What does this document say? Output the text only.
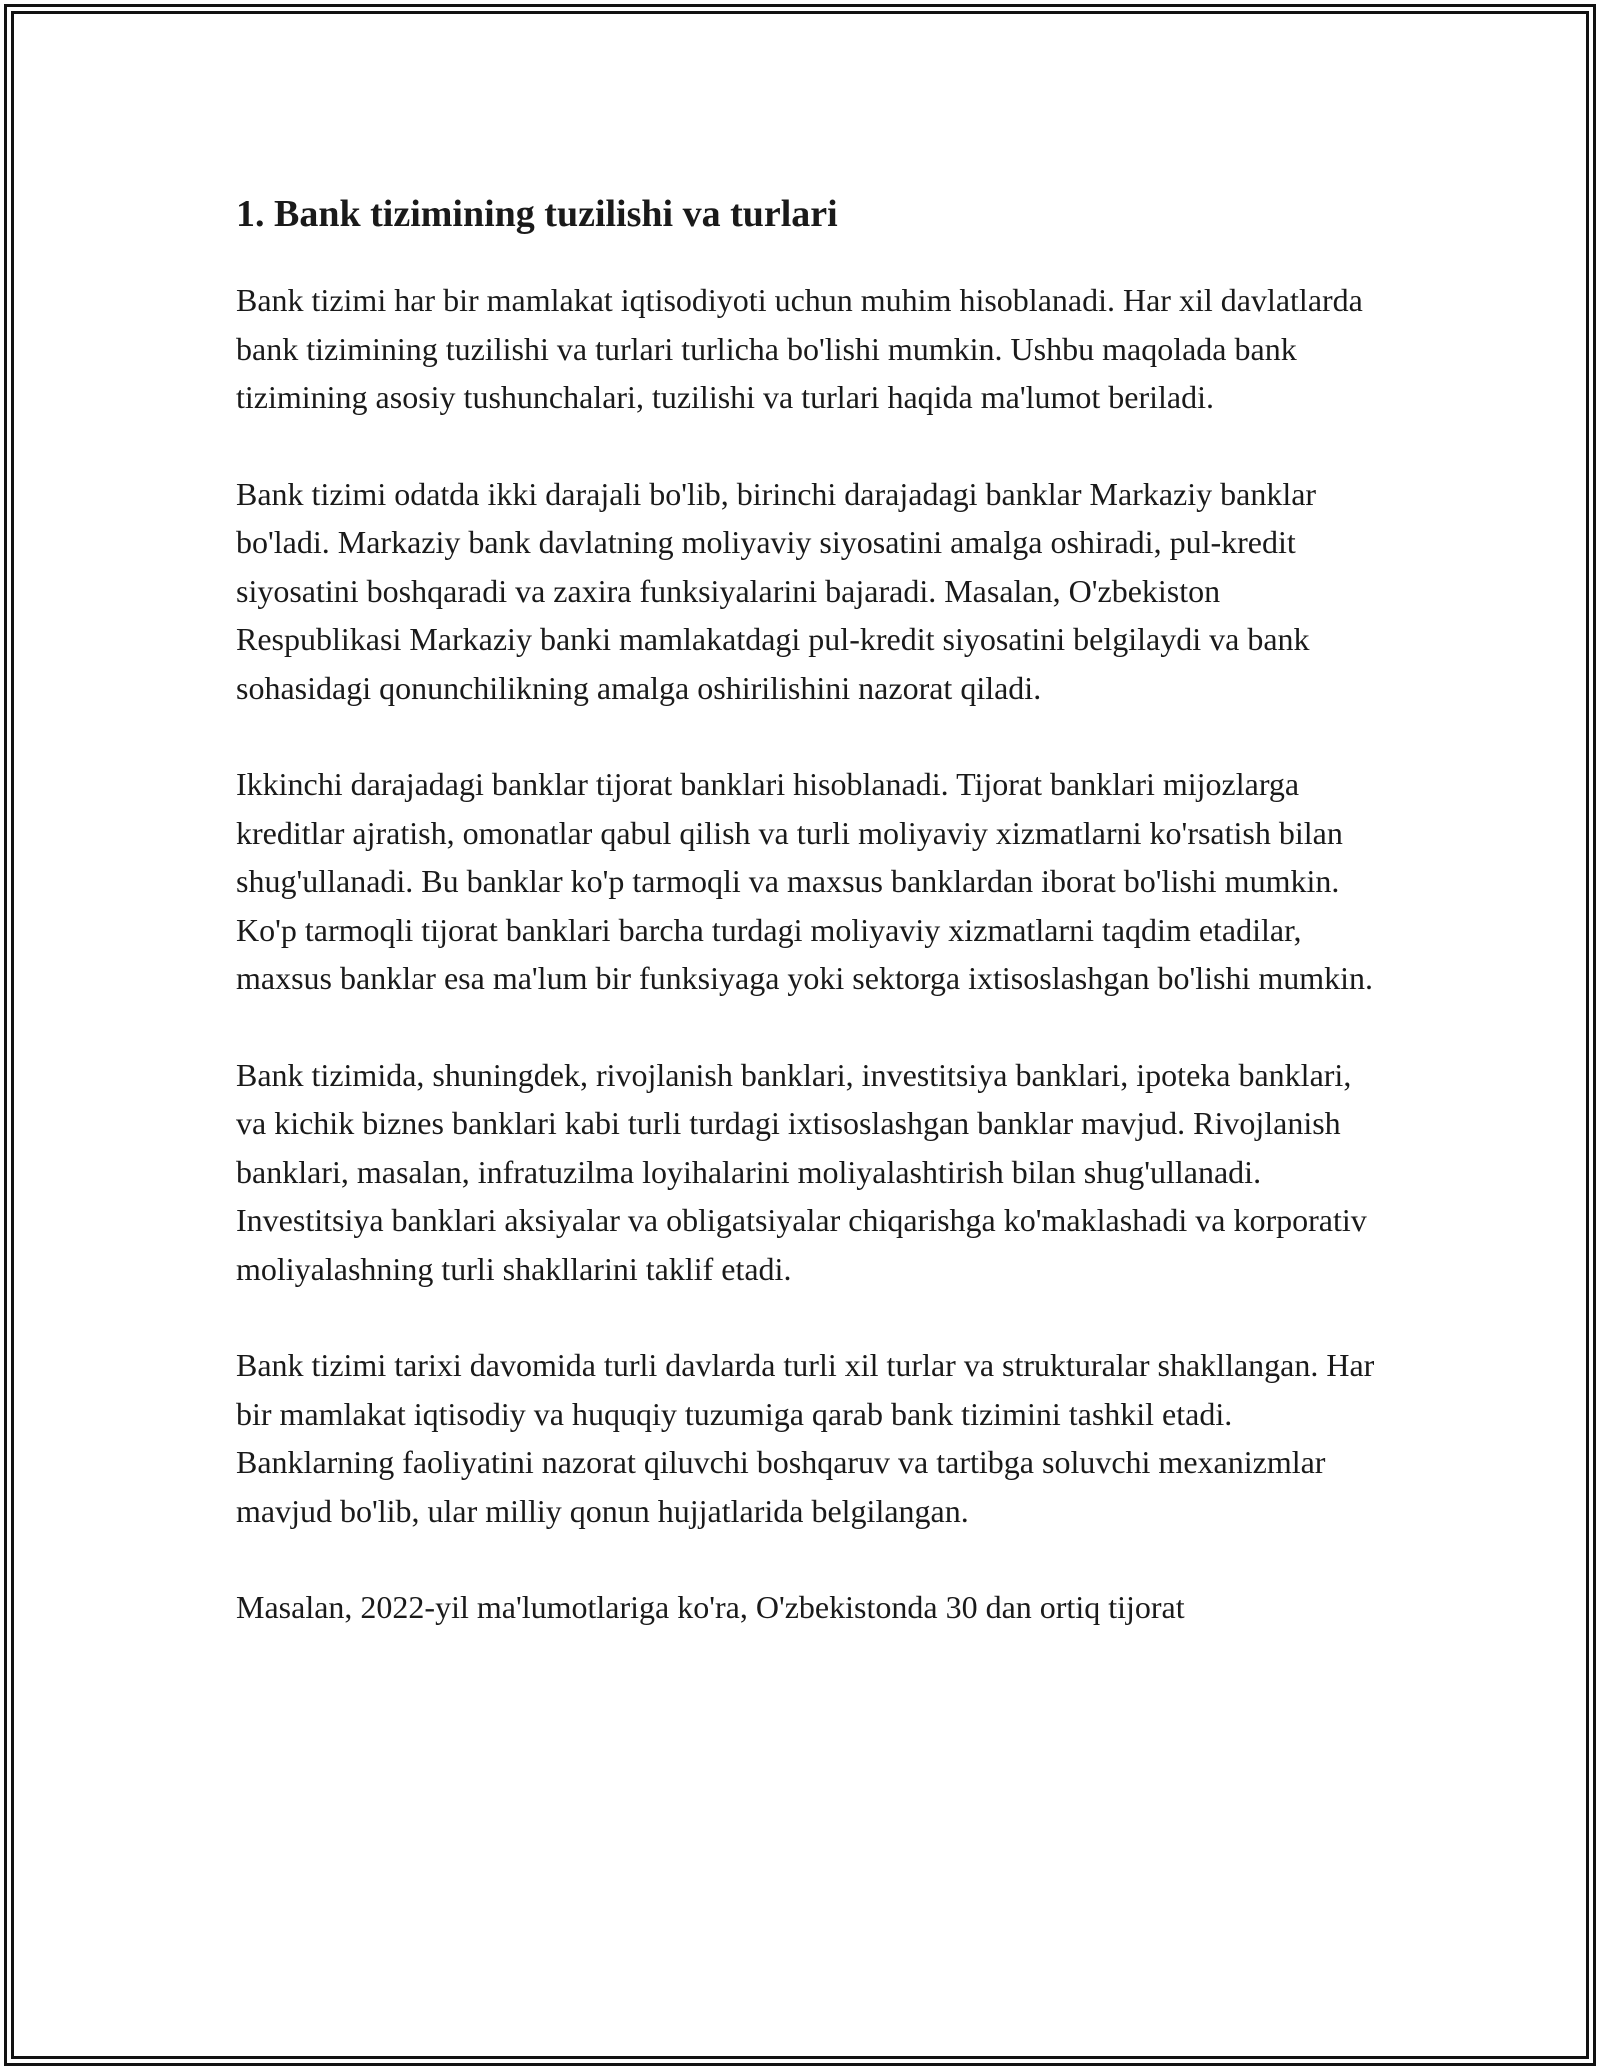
1. Bank tizimining tuzilishi va turlari

Bank tizimi har bir mamlakat iqtisodiyoti uchun muhim hisoblanadi. Har xil davlatlarda bank tizimining tuzilishi va turlari turlicha bo'lishi mumkin. Ushbu maqolada bank tizimining asosiy tushunchalari, tuzilishi va turlari haqida ma'lumot beriladi.

Bank tizimi odatda ikki darajali bo'lib, birinchi darajadagi banklar Markaziy banklar bo'ladi. Markaziy bank davlatning moliyaviy siyosatini amalga oshiradi, pul-kredit siyosatini boshqaradi va zaxira funksiyalarini bajaradi. Masalan, O'zbekiston Respublikasi Markaziy banki mamlakatdagi pul-kredit siyosatini belgilaydi va bank sohasidagi qonunchilikning amalga oshirilishini nazorat qiladi.

Ikkinchi darajadagi banklar tijorat banklari hisoblanadi. Tijorat banklari mijozlarga kreditlar ajratish, omonatlar qabul qilish va turli moliyaviy xizmatlarni ko'rsatish bilan shug'ullanadi. Bu banklar ko'p tarmoqli va maxsus banklardan iborat bo'lishi mumkin. Ko'p tarmoqli tijorat banklari barcha turdagi moliyaviy xizmatlarni taqdim etadilar, maxsus banklar esa ma'lum bir funksiyaga yoki sektorga ixtisoslashgan bo'lishi mumkin.

Bank tizimida, shuningdek, rivojlanish banklari, investitsiya banklari, ipoteka banklari, va kichik biznes banklari kabi turli turdagi ixtisoslashgan banklar mavjud. Rivojlanish banklari, masalan, infratuzilma loyihalarini moliyalashtirish bilan shug'ullanadi. Investitsiya banklari aksiyalar va obligatsiyalar chiqarishga ko'maklashadi va korporativ moliyalashning turli shakllarini taklif etadi.

Bank tizimi tarixi davomida turli davlarda turli xil turlar va strukturalar shakllangan. Har bir mamlakat iqtisodiy va huquqiy tuzumiga qarab bank tizimini tashkil etadi. Banklarning faoliyatini nazorat qiluvchi boshqaruv va tartibga soluvchi mexanizmlar mavjud bo'lib, ular milliy qonun hujjatlarida belgilangan.

Masalan, 2022-yil ma'lumotlariga ko'ra, O'zbekistonda 30 dan ortiq tijorat
